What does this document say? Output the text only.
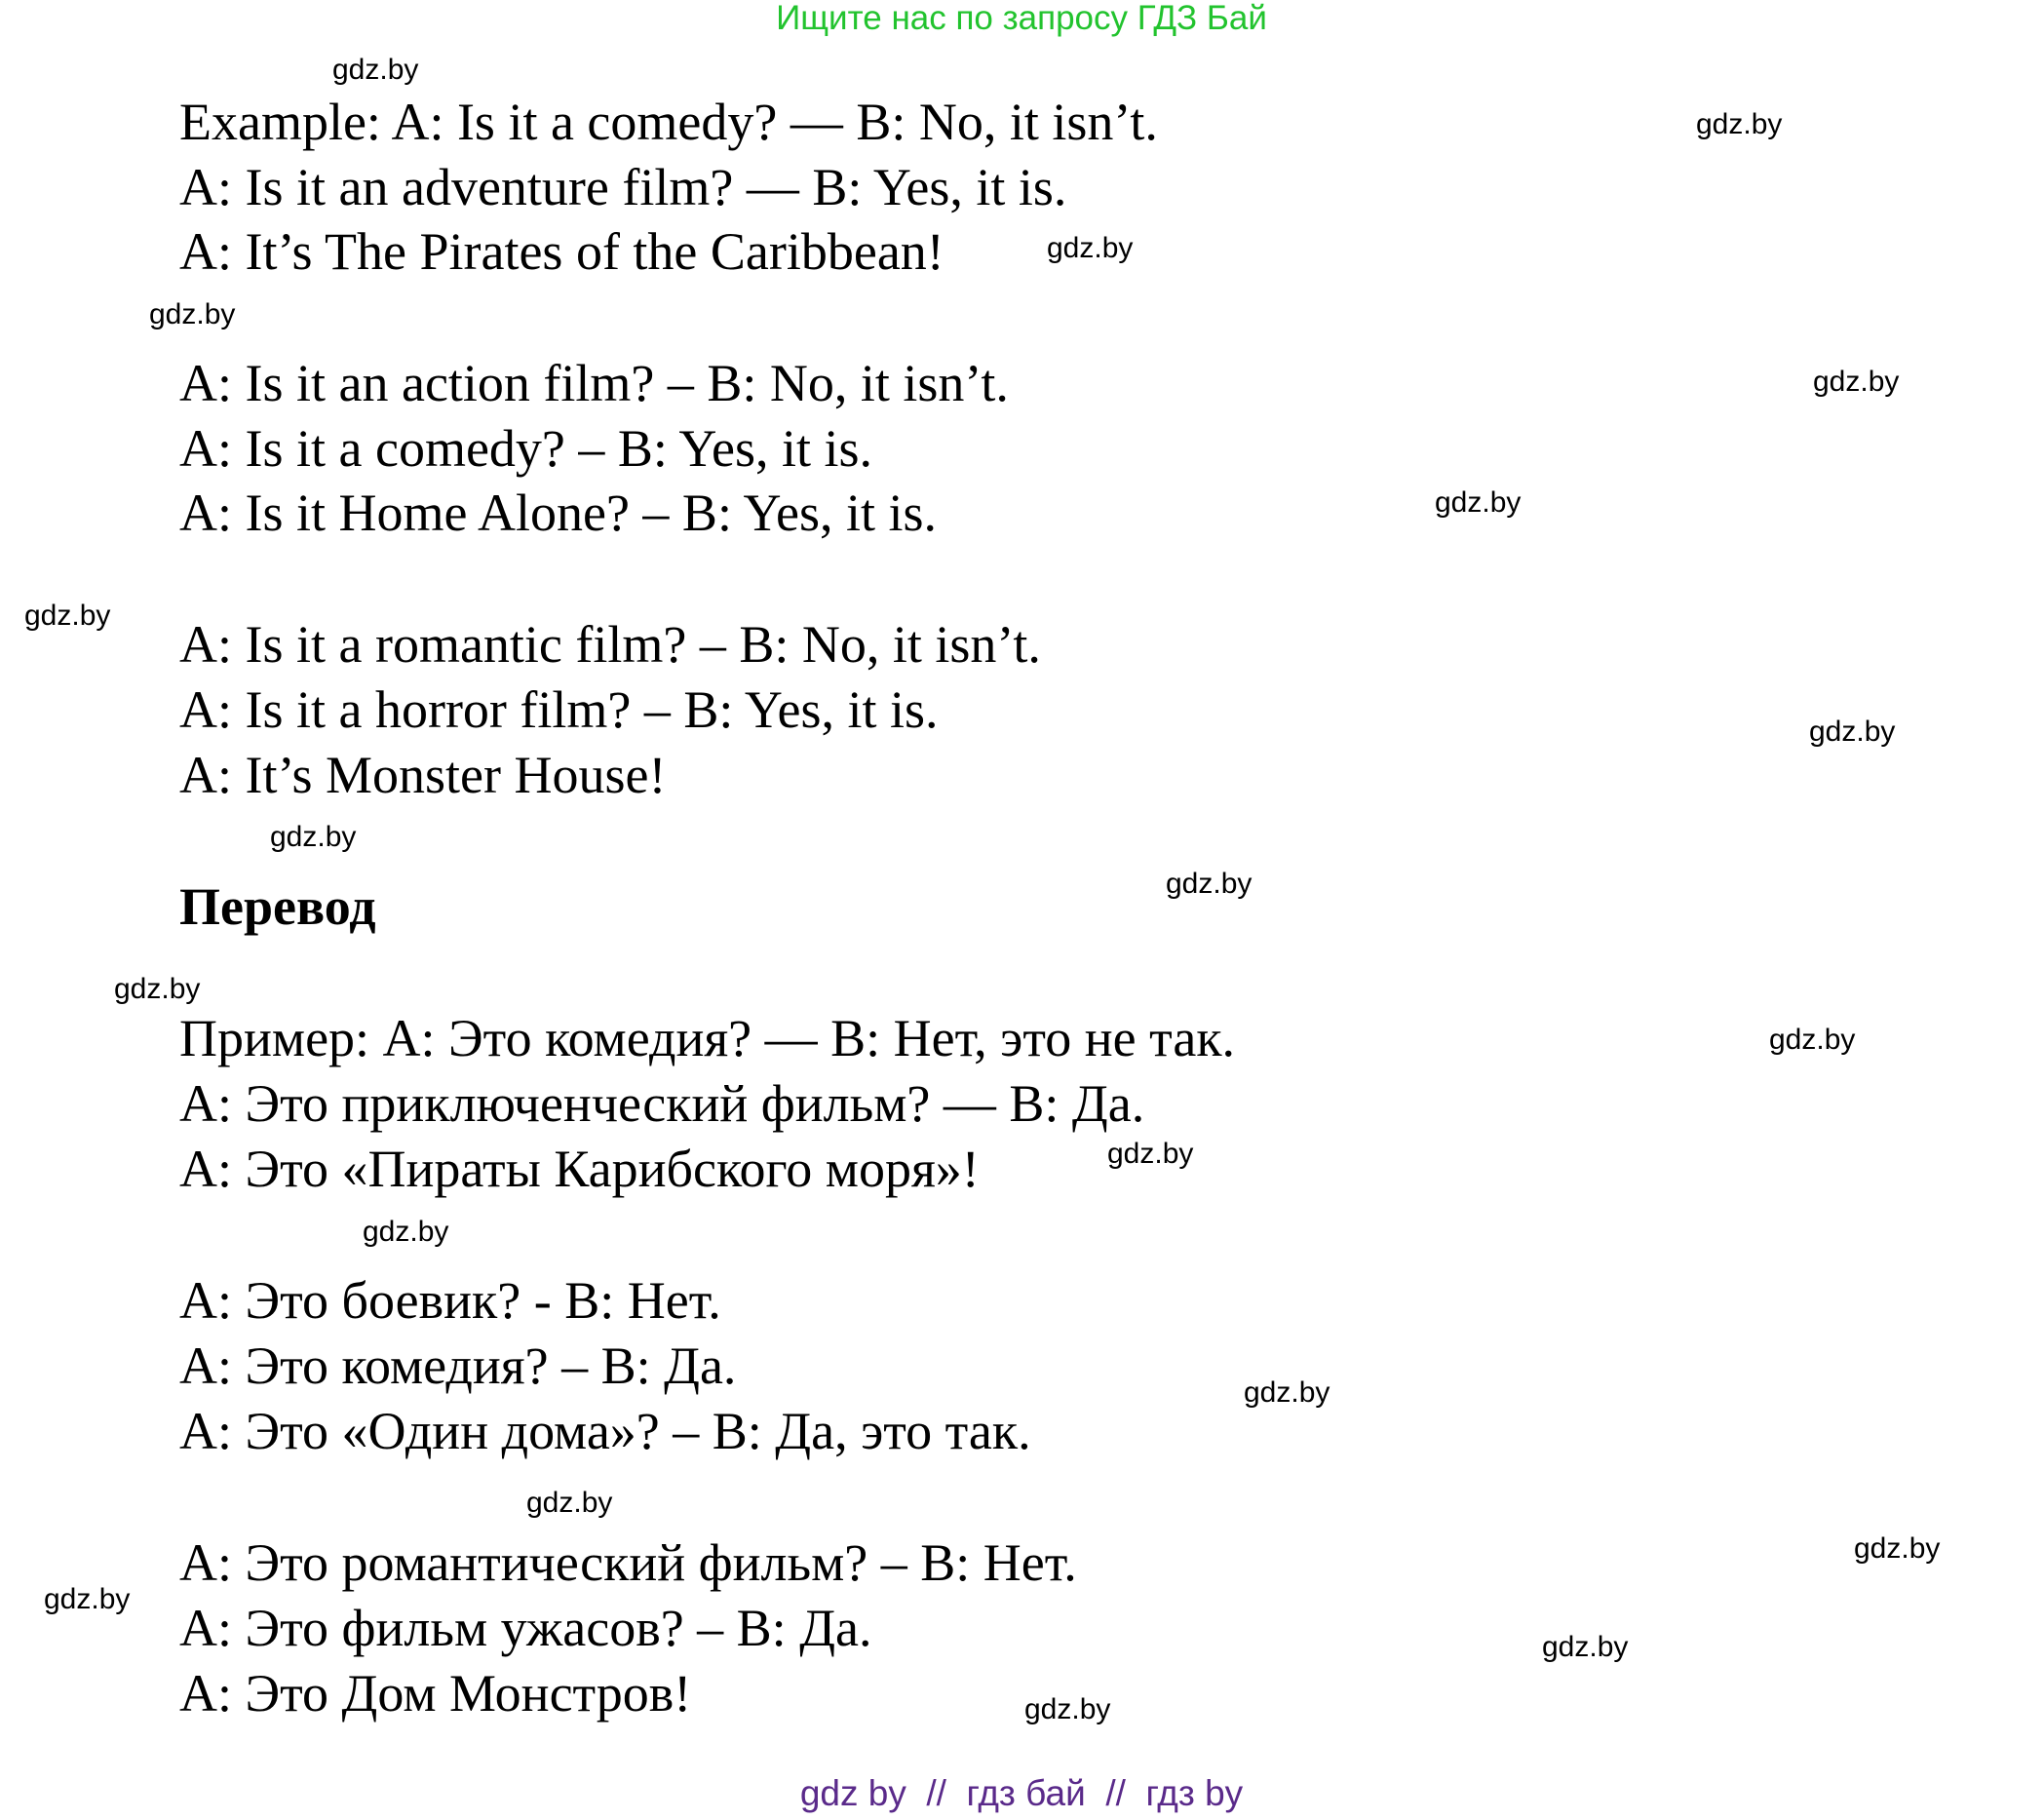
Ищите нас по запросу ГДЗ Бай
Example: A: Is it a comedy? — B: No, it isn’t.
A: Is it an adventure film? — B: Yes, it is.
A: It’s The Pirates of the Caribbean!
A: Is it an action film? – B: No, it isn’t.
A: Is it a comedy? – B: Yes, it is.
A: Is it Home Alone? – B: Yes, it is.
A: Is it a romantic film? – B: No, it isn’t.
A: Is it a horror film? – B: Yes, it is.
A: It’s Monster House!
Перевод
Пример: А: Это комедия? — В: Нет, это не так.
А: Это приключенческий фильм? — В: Да.
А: Это «Пираты Карибского моря»!
А: Это боевик? - В: Нет.
А: Это комедия? – В: Да.
А: Это «Один дома»? – В: Да, это так.
А: Это романтический фильм? – В: Нет.
А: Это фильм ужасов? – В: Да.
А: Это Дом Монстров!
gdz.by
gdz.by
gdz.by
gdz.by
gdz.by
gdz.by
gdz.by
gdz.by
gdz.by
gdz.by
gdz.by
gdz.by
gdz.by
gdz.by
gdz.by
gdz.by
gdz.by
gdz.by
gdz.by
gdz.by
gdz by  //  гдз бай  //  гдз by
